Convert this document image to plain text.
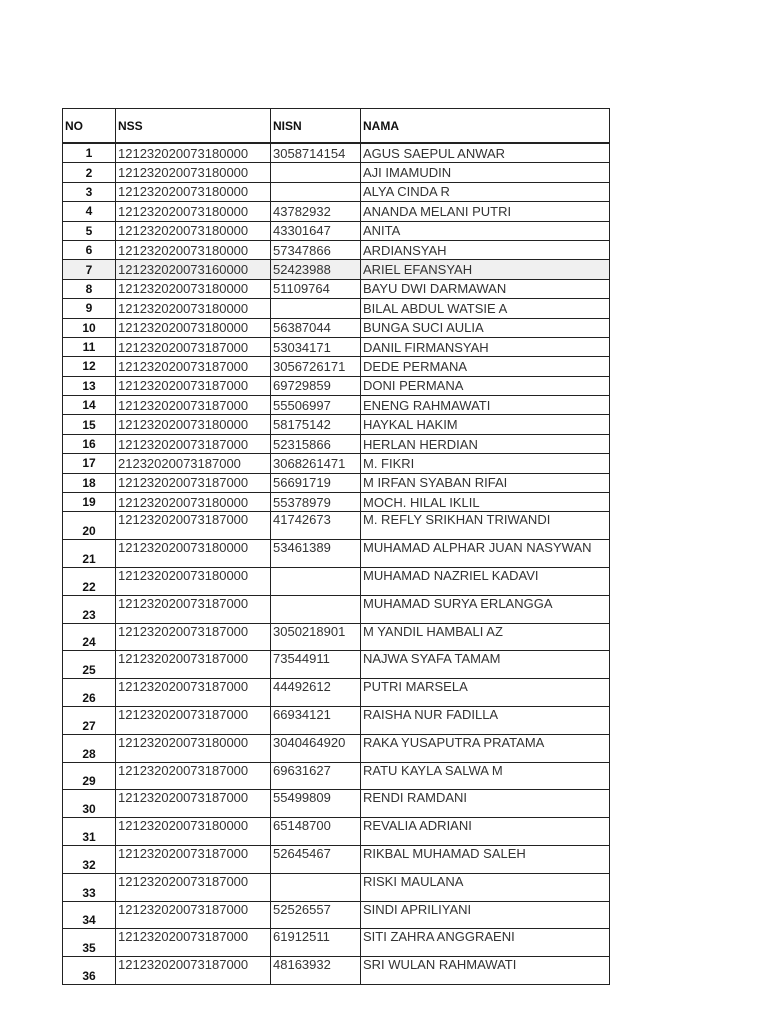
NO	NSS	NISN	NAMA
1	121232020073180000	3058714154	AGUS SAEPUL ANWAR
2	121232020073180000		AJI IMAMUDIN
3	121232020073180000		ALYA CINDA R
4	121232020073180000	43782932	ANANDA MELANI PUTRI
5	121232020073180000	43301647	ANITA
6	121232020073180000	57347866	ARDIANSYAH
7	121232020073160000	52423988	ARIEL EFANSYAH
8	121232020073180000	51109764	BAYU DWI DARMAWAN
9	121232020073180000		BILAL ABDUL WATSIE A
10	121232020073180000	56387044	BUNGA SUCI AULIA
11	121232020073187000	53034171	DANIL FIRMANSYAH
12	121232020073187000	3056726171	DEDE PERMANA
13	121232020073187000	69729859	DONI PERMANA
14	121232020073187000	55506997	ENENG RAHMAWATI
15	121232020073180000	58175142	HAYKAL HAKIM
16	121232020073187000	52315866	HERLAN HERDIAN
17	21232020073187000	3068261471	M. FIKRI
18	121232020073187000	56691719	M IRFAN SYABAN RIFAI
19	121232020073180000	55378979	MOCH. HILAL IKLIL
20	121232020073187000	41742673	M. REFLY SRIKHAN TRIWANDI
21	121232020073180000	53461389	MUHAMAD ALPHAR JUAN NASYWAN
22	121232020073180000		MUHAMAD NAZRIEL KADAVI
23	121232020073187000		MUHAMAD SURYA ERLANGGA
24	121232020073187000	3050218901	M YANDIL HAMBALI AZ
25	121232020073187000	73544911	NAJWA SYAFA TAMAM
26	121232020073187000	44492612	PUTRI MARSELA
27	121232020073187000	66934121	RAISHA NUR FADILLA
28	121232020073180000	3040464920	RAKA YUSAPUTRA PRATAMA
29	121232020073187000	69631627	RATU KAYLA SALWA M
30	121232020073187000	55499809	RENDI RAMDANI
31	121232020073180000	65148700	REVALIA ADRIANI
32	121232020073187000	52645467	RIKBAL MUHAMAD SALEH
33	121232020073187000		RISKI MAULANA
34	121232020073187000	52526557	SINDI APRILIYANI
35	121232020073187000	61912511	SITI ZAHRA ANGGRAENI
36	121232020073187000	48163932	SRI WULAN RAHMAWATI
